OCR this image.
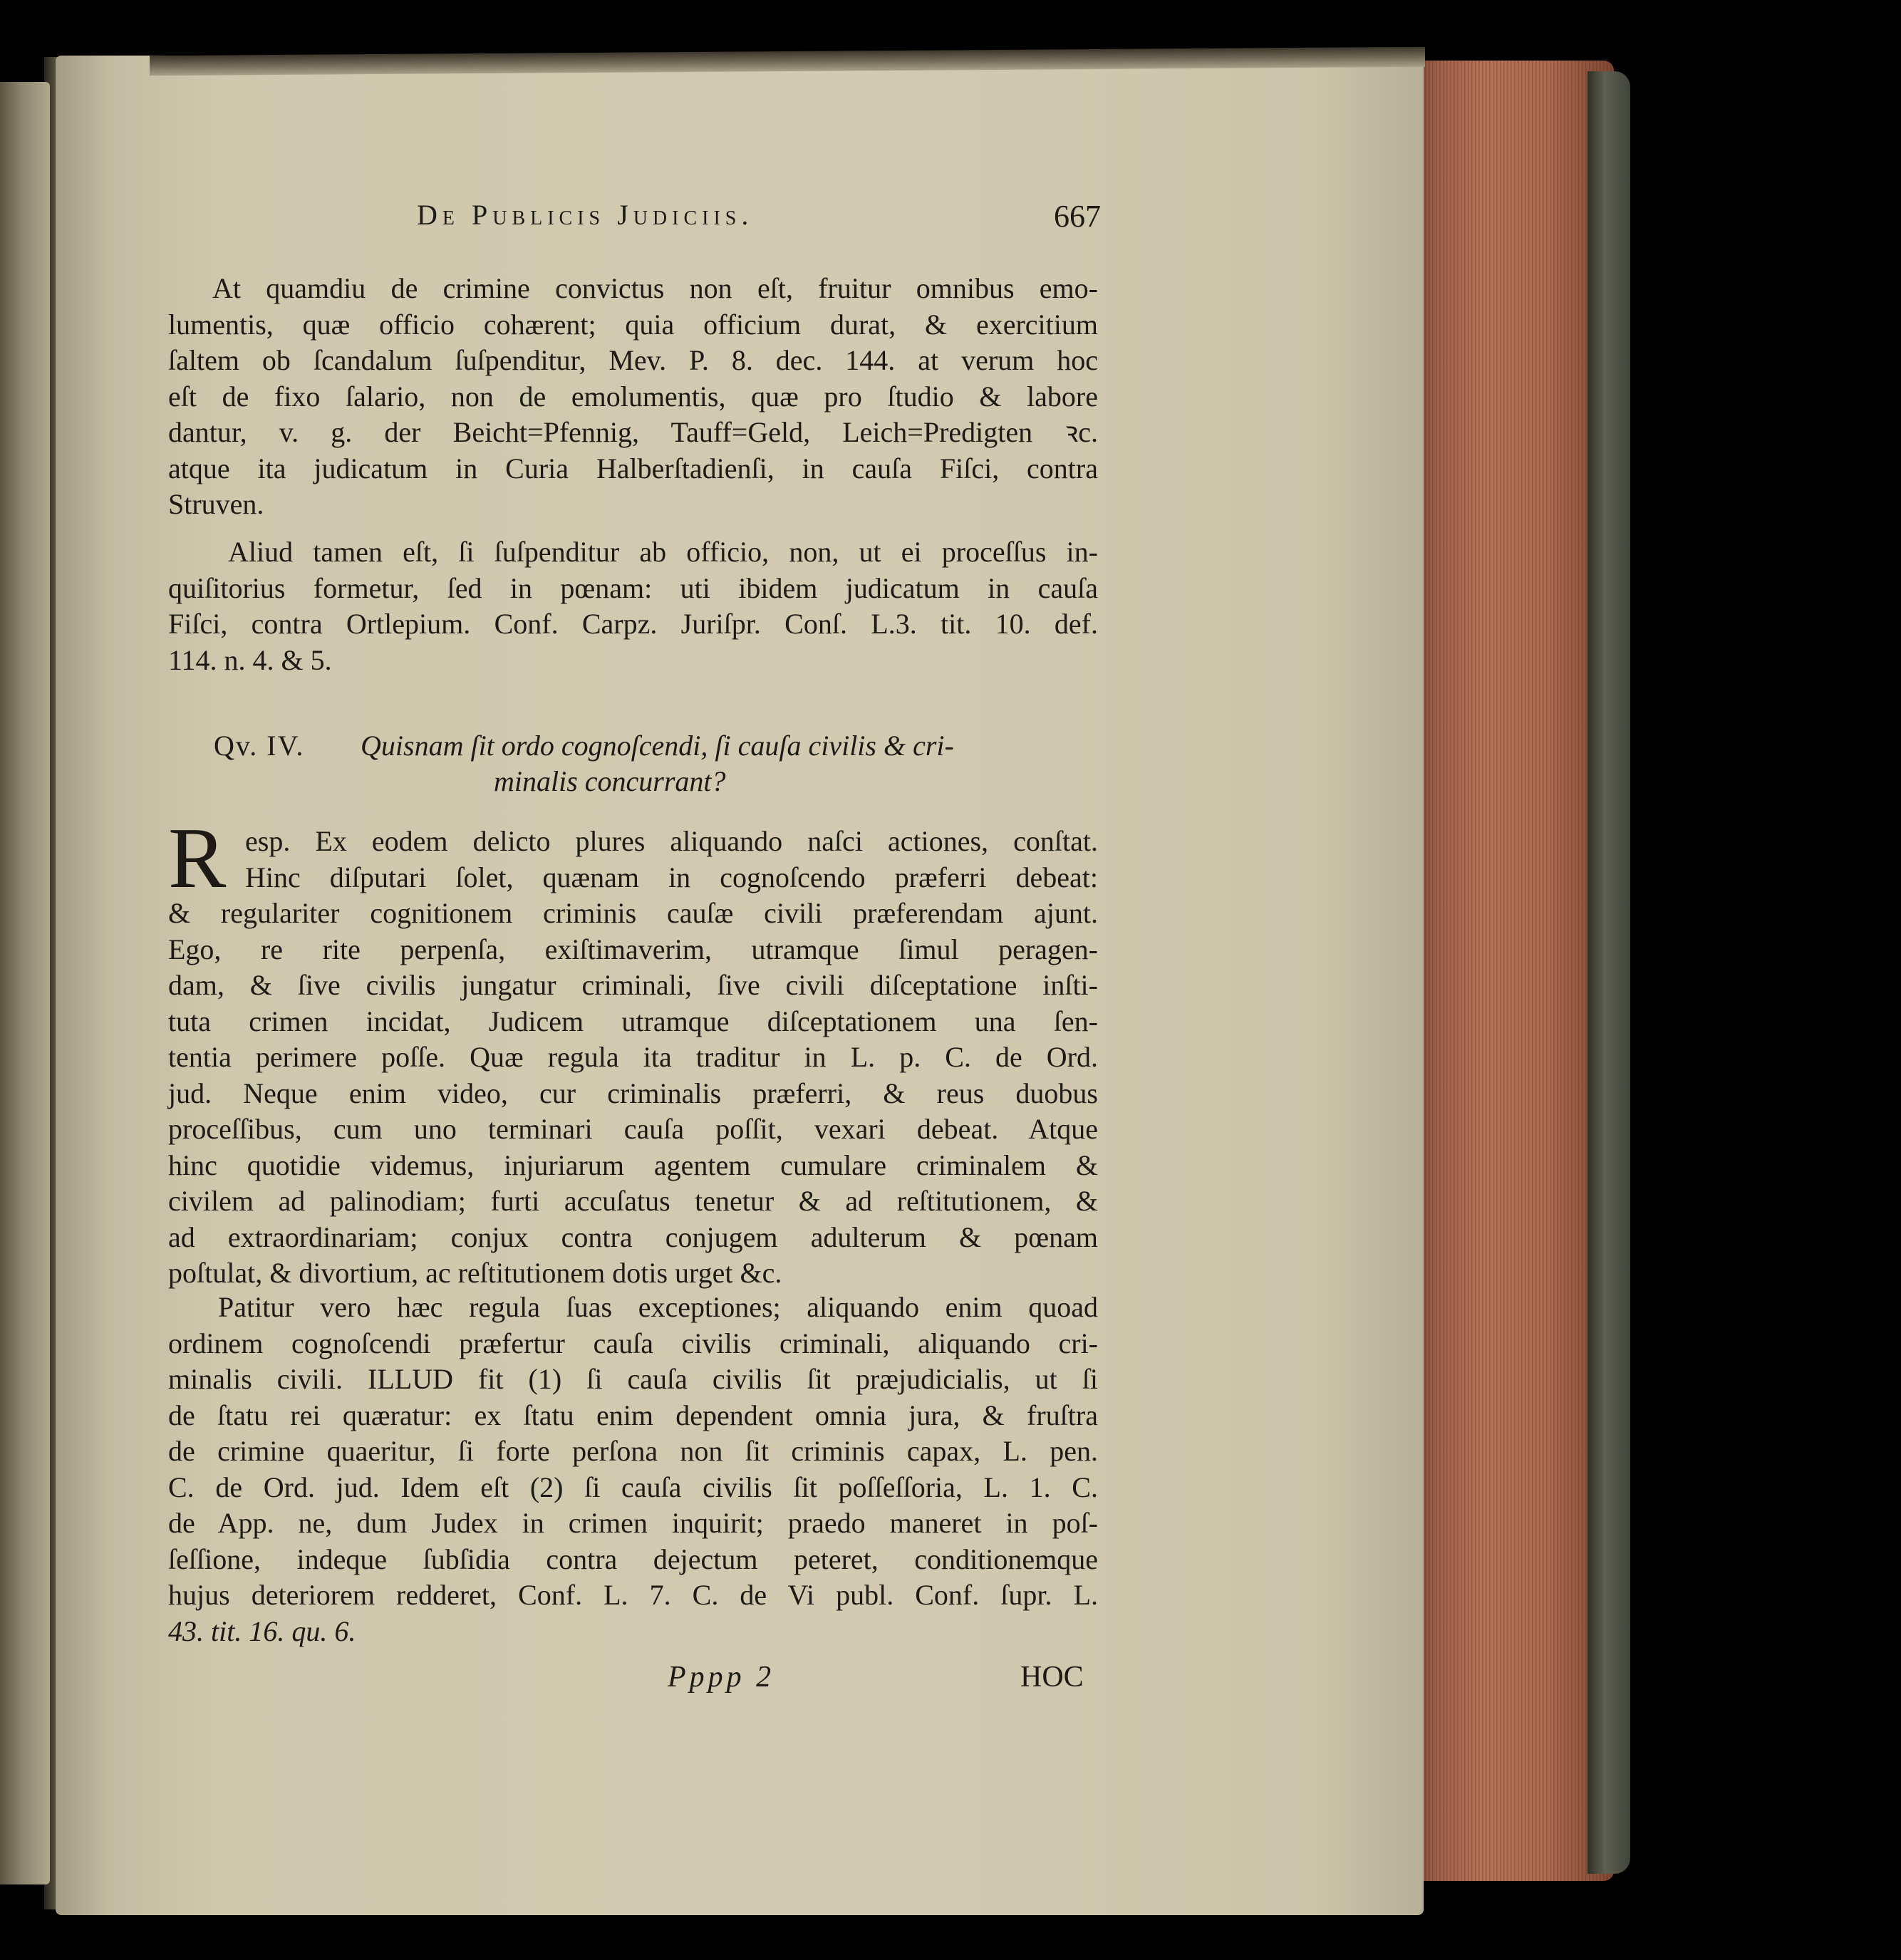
De Publicis Judiciis.	667
At quamdiu de crimine convictus non eſt, fruitur omnibus emo-
lumentis, quæ officio cohærent; quia officium durat, & exercitium
ſaltem ob ſcandalum ſuſpenditur, Mev. P. 8. dec. 144. at verum hoc
eſt de fixo ſalario, non de emolumentis, quæ pro ſtudio & labore
dantur, v. g. der Beicht=Pfennig, Tauff=Geld, Leich=Predigten ꝛc.
atque ita judicatum in Curia Halberſtadienſi, in cauſa Fiſci, contra
Struven.
Aliud tamen eſt, ſi ſuſpenditur ab officio, non, ut ei proceſſus in-
quiſitorius formetur, ſed in pœnam: uti ibidem judicatum in cauſa
Fiſci, contra Ortlepium. Conf. Carpz. Juriſpr. Conſ. L.3. tit. 10. def.
114. n. 4. & 5.
Qv. IV. Quisnam ſit ordo cognoſcendi, ſi cauſa civilis & cri-
minalis concurrant?
R esp. Ex eodem delicto plures aliquando naſci actiones, conſtat.
Hinc diſputari ſolet, quænam in cognoſcendo præferri debeat:
& regulariter cognitionem criminis cauſæ civili præferendam ajunt.
Ego, re rite perpenſa, exiſtimaverim, utramque ſimul peragen-
dam, & ſive civilis jungatur criminali, ſive civili diſceptatione inſti-
tuta crimen incidat, Judicem utramque diſceptationem una ſen-
tentia perimere poſſe. Quæ regula ita traditur in L. p. C. de Ord.
jud. Neque enim video, cur criminalis præferri, & reus duobus
proceſſibus, cum uno terminari cauſa poſſit, vexari debeat. Atque
hinc quotidie videmus, injuriarum agentem cumulare criminalem &
civilem ad palinodiam; furti accuſatus tenetur & ad reſtitutionem, &
ad extraordinariam; conjux contra conjugem adulterum & pœnam
poſtulat, & divortium, ac reſtitutionem dotis urget &c.
Patitur vero hæc regula ſuas exceptiones; aliquando enim quoad
ordinem cognoſcendi præfertur cauſa civilis criminali, aliquando cri-
minalis civili. ILLUD fit (1) ſi cauſa civilis ſit præjudicialis, ut ſi
de ſtatu rei quæratur: ex ſtatu enim dependent omnia jura, & fruſtra
de crimine quaeritur, ſi forte perſona non ſit criminis capax, L. pen.
C. de Ord. jud. Idem eſt (2) ſi cauſa civilis ſit poſſeſſoria, L. 1. C.
de App. ne, dum Judex in crimen inquirit; praedo maneret in poſ-
ſeſſione, indeque ſubſidia contra dejectum peteret, conditionemque
hujus deteriorem redderet, Conf. L. 7. C. de Vi publ. Conf. ſupr. L.
43. tit. 16. qu. 6.
Pppp 2	HOC
